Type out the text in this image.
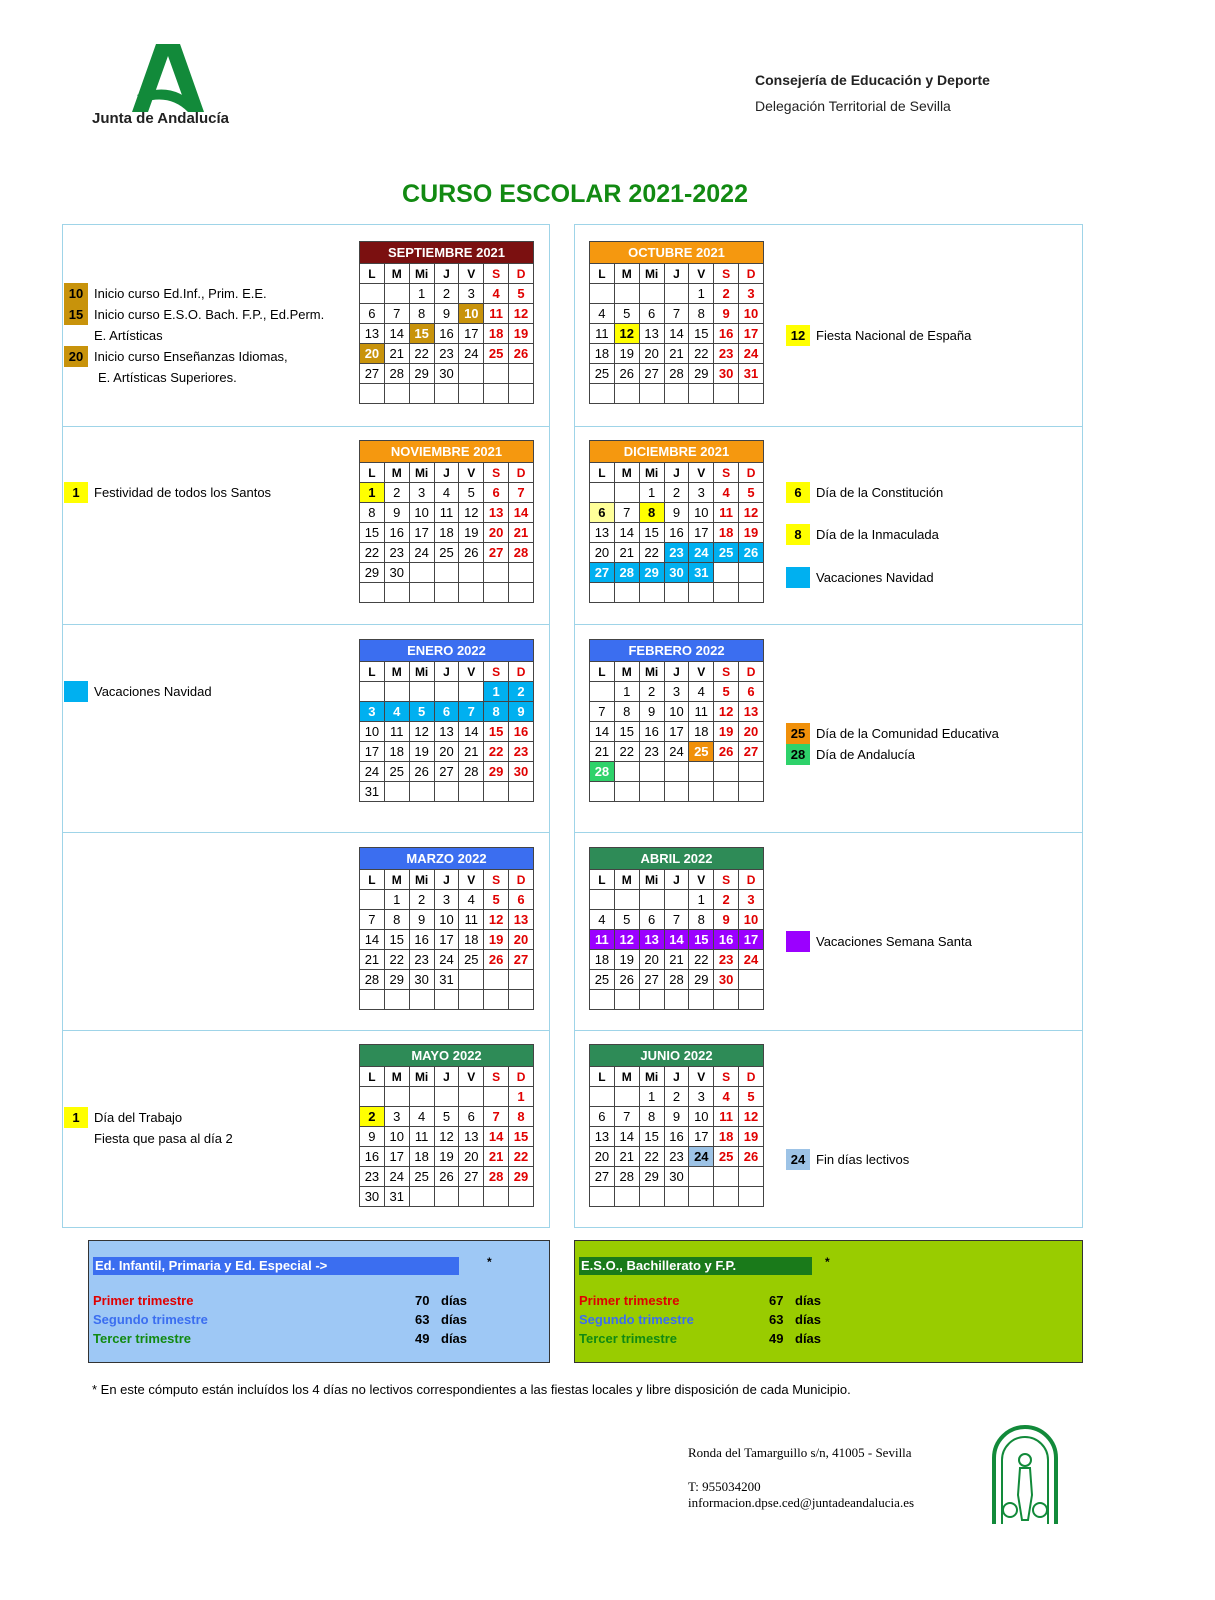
Junta de Andalucía
Consejería de Educación y Deporte
Delegación Territorial de Sevilla
CURSO ESCOLAR 2021-2022
SEPTIEMBRE 2021						
L	M	Mi	J	V	S	D
		1	2	3	4	5
6	7	8	9	10	11	12
13	14	15	16	17	18	19
20	21	22	23	24	25	26
27	28	29	30			

OCTUBRE 2021						
L	M	Mi	J	V	S	D
				1	2	3
4	5	6	7	8	9	10
11	12	13	14	15	16	17
18	19	20	21	22	23	24
25	26	27	28	29	30	31

NOVIEMBRE 2021						
L	M	Mi	J	V	S	D
1	2	3	4	5	6	7
8	9	10	11	12	13	14
15	16	17	18	19	20	21
22	23	24	25	26	27	28
29	30					

DICIEMBRE 2021						
L	M	Mi	J	V	S	D
		1	2	3	4	5
6	7	8	9	10	11	12
13	14	15	16	17	18	19
20	21	22	23	24	25	26
27	28	29	30	31		

ENERO 2022						
L	M	Mi	J	V	S	D
					1	2
3	4	5	6	7	8	9
10	11	12	13	14	15	16
17	18	19	20	21	22	23
24	25	26	27	28	29	30
31						
FEBRERO 2022						
L	M	Mi	J	V	S	D
	1	2	3	4	5	6
7	8	9	10	11	12	13
14	15	16	17	18	19	20
21	22	23	24	25	26	27
28						

MARZO 2022						
L	M	Mi	J	V	S	D
	1	2	3	4	5	6
7	8	9	10	11	12	13
14	15	16	17	18	19	20
21	22	23	24	25	26	27
28	29	30	31			

ABRIL 2022						
L	M	Mi	J	V	S	D
				1	2	3
4	5	6	7	8	9	10
11	12	13	14	15	16	17
18	19	20	21	22	23	24
25	26	27	28	29	30	

MAYO 2022						
L	M	Mi	J	V	S	D
						1
2	3	4	5	6	7	8
9	10	11	12	13	14	15
16	17	18	19	20	21	22
23	24	25	26	27	28	29
30	31					
JUNIO 2022						
L	M	Mi	J	V	S	D
		1	2	3	4	5
6	7	8	9	10	11	12
13	14	15	16	17	18	19
20	21	22	23	24	25	26
27	28	29	30			

10 Inicio curso Ed.Inf., Prim. E.E.
15 Inicio curso E.S.O. Bach. F.P., Ed.Perm.
E. Artísticas
20 Inicio curso Enseñanzas Idiomas,
E. Artísticas Superiores.
12 Fiesta Nacional de España
1	Festividad de todos los Santos	6	Día de la Constitución
8	Día de la Inmaculada
Vacaciones Navidad
Vacaciones Navidad
25 Día de la Comunidad Educativa
28 Día de Andalucía
Vacaciones Semana Santa
1	Día del Trabajo
Fiesta que pasa al día 2
24 Fin días lectivos
Ed. Infantil, Primaria y Ed. Especial ->	*
Primer trimestre	70 días
Segundo trimestre	63 días
Tercer trimestre	49 días
E.S.O., Bachillerato y F.P.	*
Primer trimestre	67 días
Segundo trimestre	63 días
Tercer trimestre	49 días
* En este cómputo están incluídos los 4 días no lectivos correspondientes a las fiestas locales y libre disposición de cada Municipio.
Ronda del Tamarguillo s/n, 41005 - Sevilla
T: 955034200
informacion.dpse.ced@juntadeandalucia.es
